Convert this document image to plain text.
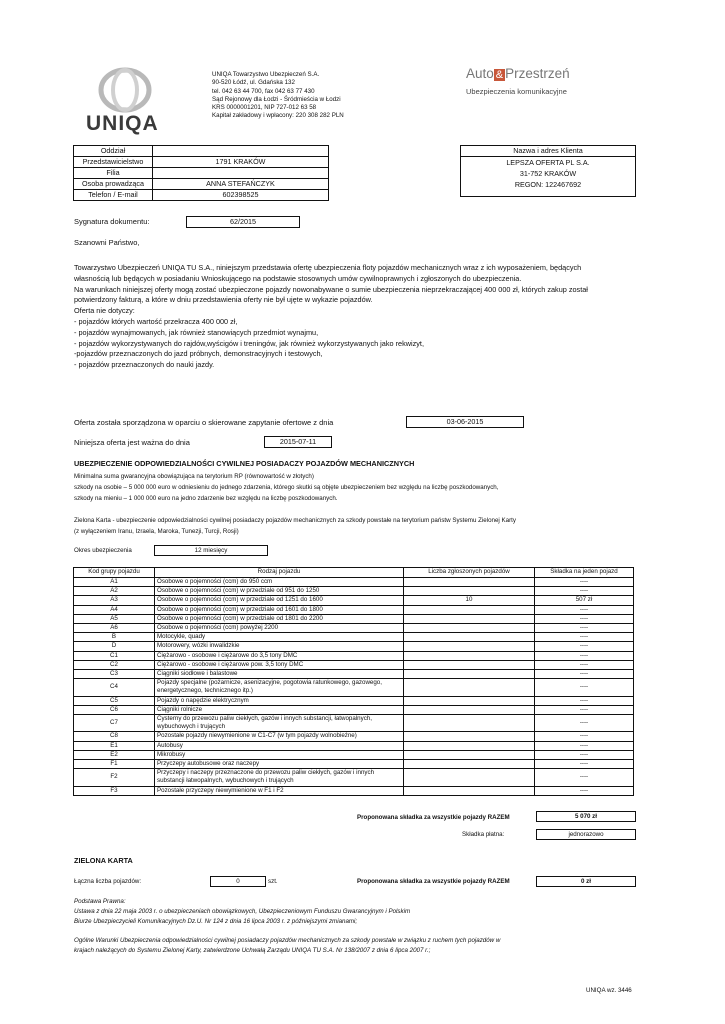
UNIQA
UNIQA Towarzystwo Ubezpieczeń S.A.
90-520 Łódź, ul. Gdańska 132
tel. 042 63 44 700, fax 042 63 77 430
Sąd Rejonowy dla Łodzi - Śródmieścia w Łodzi
KRS 0000001201, NIP 727-012 63 58
Kapitał zakładowy i wpłacony: 220 308 282 PLN
Auto & Przestrzeń
Ubezpieczenia komunikacyjne
Oddział	
Przedstawicielstwo	1791 KRAKÓW
Filia	
Osoba prowadząca	ANNA STEFAŃCZYK
Telefon / E-mail	602398525
Nazwa i adres Klienta
LEPSZA OFERTA PL S.A.
31-752 KRAKÓW
REGON: 122467692
Sygnatura dokumentu:	62/2015
Szanowni Państwo,
Towarzystwo Ubezpieczeń UNIQA TU S.A., niniejszym przedstawia ofertę ubezpieczenia floty pojazdów mechanicznych wraz z ich wyposażeniem, będących
własnością lub będących w posiadaniu Wnioskującego na podstawie stosownych umów cywilnoprawnych i zgłoszonych do ubezpieczenia.
Na warunkach niniejszej oferty mogą zostać ubezpieczone pojazdy nowonabywane o sumie ubezpieczenia nieprzekraczającej 400 000 zł, których zakup został
potwierdzony fakturą, a które w dniu przedstawienia oferty nie był ujęte w wykazie pojazdów.
Oferta nie dotyczy:
- pojazdów których wartość przekracza 400 000 zł,
- pojazdów wynajmowanych, jak również stanowiących przedmiot wynajmu,
- pojazdów wykorzystywanych do rajdów,wyścigów i treningów, jak również wykorzystywanych jako rekwizyt,
-pojazdów przeznaczonych do jazd próbnych, demonstracyjnych i testowych,
- pojazdów przeznaczonych do nauki jazdy.
Oferta została sporządzona w oparciu o skierowane zapytanie ofertowe z dnia	03-06-2015
Niniejsza oferta jest ważna do dnia	2015-07-11
UBEZPIECZENIE ODPOWIEDZIALNOŚCI CYWILNEJ POSIADACZY POJAZDÓW MECHANICZNYCH
Minimalna suma gwarancyjna obowiązująca na terytorium RP (równowartość w złotych)
szkody na osobie – 5 000 000 euro w odniesieniu do jednego zdarzenia, którego skutki są objęte ubezpieczeniem bez względu na liczbę poszkodowanych,
szkody na mieniu – 1 000 000 euro na jedno zdarzenie bez względu na liczbę poszkodowanych.
Zielona Karta - ubezpieczenie odpowiedzialności cywilnej posiadaczy pojazdów mechanicznych za szkody powstałe na terytorium państw Systemu Zielonej Karty
(z wyłączeniem Iranu, Izraela, Maroka, Tunezji, Turcji, Rosji)
Okres ubezpieczenia	12 miesięcy
Kod grupy pojazdu	Rodzaj pojazdu	Liczba zgłoszonych pojazdów	Składka na jeden pojazd
A1	Osobowe o pojemności (ccm) do 950 ccm		----
A2	Osobowe o pojemności (ccm) w przedziale od 951 do 1250		----
A3	Osobowe o pojemności (ccm) w przedziale od 1251 do 1600	10	507 zł
A4	Osobowe o pojemności (ccm) w przedziale od 1601 do 1800		----
A5	Osobowe o pojemności (ccm) w przedziale od 1801 do 2200		----
A6	Osobowe o pojemności (ccm) powyżej 2200		----
B	Motocykle, quady		----
D	Motorowery, wózki inwalidzkie		----
C1	Ciężarowo - osobowe i ciężarowe do 3,5 tony DMC		----
C2	Ciężarowo - osobowe i ciężarowe pow. 3,5 tony DMC		----
C3	Ciągniki siodłowe i balastowe		----
C4	Pojazdy specjalne (pożarnicze, asenizacyjne, pogotowia ratunkowego, gazowego, energetycznego, technicznego itp.)		----
C5	Pojazdy o napędzie elektrycznym		----
C6	Ciągniki rolnicze		----
C7	Cysterny do przewozu paliw ciekłych, gazów i innych substancji, łatwopalnych, wybuchowych i trujących		----
C8	Pozostałe pojazdy niewymienione w C1-C7 (w tym pojazdy wolnobieżne)		----
E1	Autobusy		----
E2	Mikrobusy		----
F1	Przyczepy autobusowe oraz naczepy		----
F2	Przyczepy i naczepy przeznaczone do przewozu paliw ciekłych, gazów i innych substancji łatwopalnych, wybuchowych i trujących		----
F3	Pozostałe przyczepy niewymienione w F1 i F2		----
Proponowana składka za wszystkie pojazdy RAZEM	5 070 zł
Składka płatna:	jednorazowo
ZIELONA KARTA
Łączna liczba pojazdów:	0	szt.	Proponowana składka za wszystkie pojazdy RAZEM	0 zł
Podstawa Prawna:
Ustawa z dnia 22 maja 2003 r. o ubezpieczeniach obowiązkowych, Ubezpieczeniowym Funduszu Gwarancyjnym i Polskim
Biurze Ubezpieczycieli Komunikacyjnych Dz.U. Nr 124 z dnia 16 lipca 2003 r. z późniejszymi zmianami;
Ogólne Warunki Ubezpieczenia odpowiedzialności cywilnej posiadaczy pojazdów mechanicznych za szkody powstałe w związku z ruchem tych pojazdów w
krajach należących do Systemu Zielonej Karty, zatwierdzone Uchwałą Zarządu UNIQA TU S.A. Nr 138/2007 z dnia 6 lipca 2007 r.;
UNIQA wz. 3446
